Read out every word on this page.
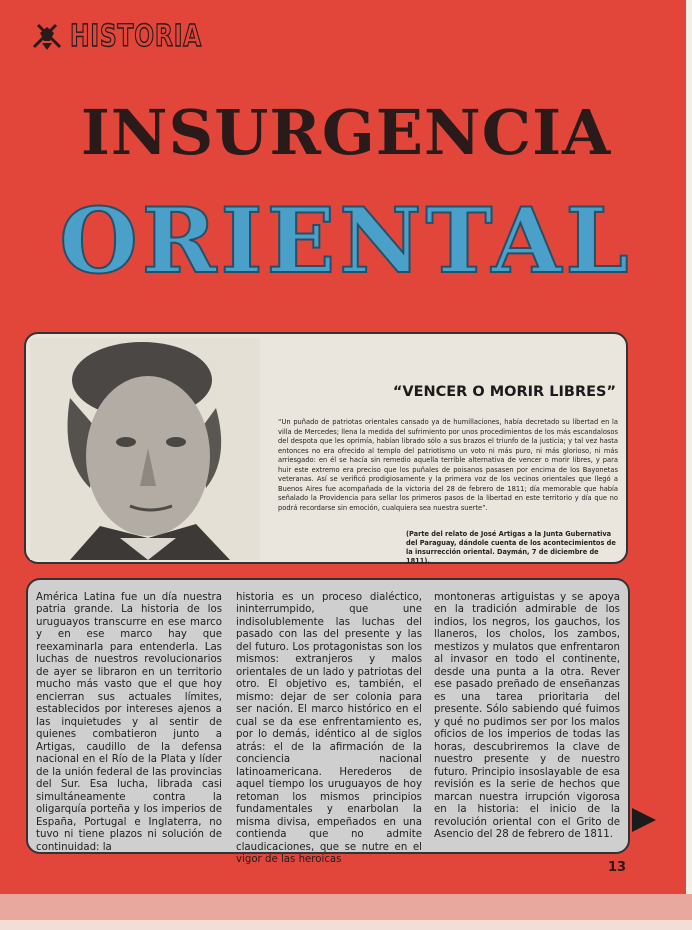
HISTORIA
INSURGENCIA
ORIENTAL
“VENCER O MORIR LIBRES”
“Un puñado de patriotas orientales cansado ya de humillaciones, había decretado su libertad en la villa de Mercedes; llena la medida del sufrimiento por unos procedimientos de los más escandalosos del despota que les oprimía, habían librado sólo a sus brazos el triunfo de la justicia; y tal vez hasta entonces no era ofrecido al templo del patriotismo un voto ni más puro, ni más glorioso, ni más arriesgado: en él se hacía sin remedio aquella terrible alternativa de vencer o morir libres, y para huir este extremo era preciso que los puñales de poisanos pasasen por encima de los Bayonetas veteranas. Así se verificó prodigiosamente y la primera voz de los vecinos orientales que llegó a Buenos Aires fue acompañada de la victoria del 28 de febrero de 1811; día memorable que había señalado la Providencia para sellar los primeros pasos de la libertad en este territorio y día que no podrá recordarse sin emoción, cualquiera sea nuestra suerte”.
(Parte del relato de José Artigas a la Junta Gubernativa del Paraguay, dándole cuenta de los acontecimientos de la insurrección oriental. Daymán, 7 de diciembre de 1811).
América Latina fue un día nuestra patria grande. La historia de los uruguayos transcurre en ese marco y en ese marco hay que reexaminarla para entenderla. Las luchas de nuestros revolucionarios de ayer se libraron en un territorio mucho más vasto que el que hoy encierran sus actuales límites, establecidos por intereses ajenos a las inquietudes y al sentir de quienes combatieron junto a Artigas, caudillo de la defensa nacional en el Río de la Plata y líder de la unión federal de las provincias del Sur. Esa lucha, librada casi simultáneamente contra la oligarquía porteña y los imperios de España, Portugal e Inglaterra, no tuvo ni tiene plazos ni solución de continuidad: la
historia es un proceso dialéctico, ininterrumpido, que une indisolublemente las luchas del pasado con las del presente y las del futuro. Los protagonistas son los mismos: extranjeros y malos orientales de un lado y patriotas del otro. El objetivo es, también, el mismo: dejar de ser colonia para ser nación. El marco histórico en el cual se da ese enfrentamiento es, por lo demás, idéntico al de siglos atrás: el de la afirmación de la conciencia nacional latinoamericana. Herederos de aquel tiempo los uruguayos de hoy retoman los mismos principios fundamentales y enarbolan la misma divisa, empeñados en una contienda que no admite claudicaciones, que se nutre en el vigor de las heroicas
montoneras artiguistas y se apoya en la tradición admirable de los indios, los negros, los gauchos, los llaneros, los cholos, los zambos, mestizos y mulatos que enfrentaron al invasor en todo el continente, desde una punta a la otra. Rever ese pasado preñado de enseñanzas es una tarea prioritaria del presente. Sólo sabiendo qué fuimos y qué no pudimos ser por los malos oficios de los imperios de todas las horas, descubriremos la clave de nuestro presente y de nuestro futuro. Principio insoslayable de esa revisión es la serie de hechos que marcan nuestra irrupción vigorosa en la historia: el inicio de la revolución oriental con el Grito de Asencio del 28 de febrero de 1811.
13
